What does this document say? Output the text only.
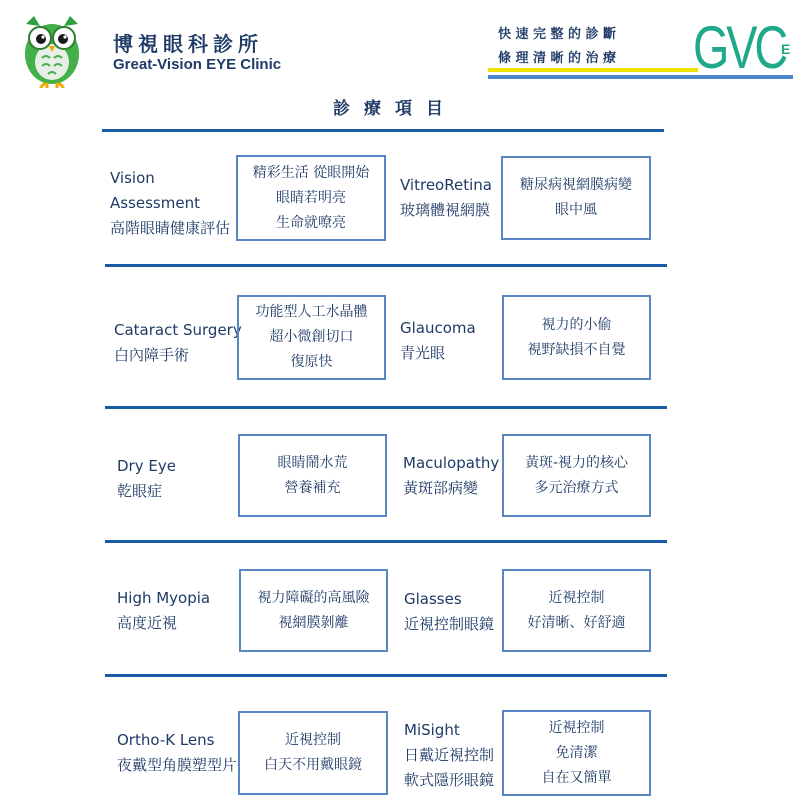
博視眼科診所
Great-Vision EYE Clinic
快速完整的診斷
條理清晰的治療 GVC
E
診療項目
Vision
Assessment
高階眼睛健康評估
精彩生活 從眼開始
眼睛若明亮
生命就嘹亮
VitreoRetina
玻璃體視網膜
糖尿病視網膜病變
眼中風
Cataract Surgery
白內障手術
功能型人工水晶體
超小微創切口
復原快
Glaucoma
青光眼
視力的小偷
視野缺損不自覺
Dry Eye
乾眼症
眼睛鬧水荒
營養補充
Maculopathy
黃斑部病變
黃斑-視力的核心
多元治療方式
High Myopia
高度近視
視力障礙的高風險
視網膜剝離
Glasses
近視控制眼鏡
近視控制
好清晰、好舒適
Ortho-K Lens
夜戴型角膜塑型片
近視控制
白天不用戴眼鏡
MiSight
日戴近視控制
軟式隱形眼鏡
近視控制
免清潔
自在又簡單
